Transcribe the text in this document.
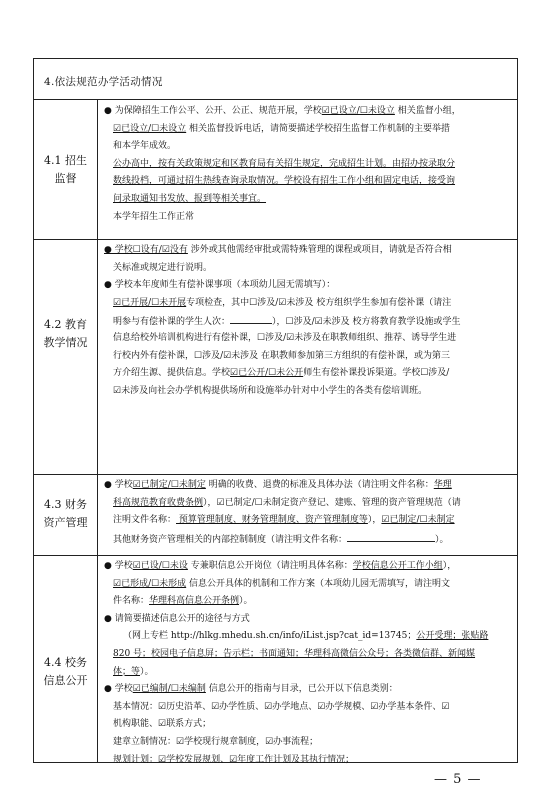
4.依法规范办学活动情况
4.1 招生
监督
4.2 教育
教学情况
4.3 财务
资产管理
4.4 校务
信息公开
● 为保障招生工作公平、公开、公正、规范开展，学校☑已设立/☐未设立 相关监督小组，
☑已设立/☐未设立 相关监督投诉电话，请简要描述学校招生监督工作机制的主要举措
和本学年成效。
公办高中，按有关政策规定和区教育局有关招生规定，完成招生计划。由招办按录取分
数线投档，可通过招生热线查询录取情况。学校设有招生工作小组和固定电话，接受询
问录取通知书发放、报到等相关事宜。
本学年招生工作正常
● 学校☐设有/☑没有 涉外或其他需经审批或需特殊管理的课程或项目，请就是否符合相
关标准或规定进行说明。
● 学校本年度师生有偿补课事项（本项幼儿园无需填写）：
☑已开展/☐未开展专项检查，其中☐涉及/☑未涉及 校方组织学生参加有偿补课（请注
明参与有偿补课的学生人次：	），☐涉及/☑未涉及 校方将教育教学设施或学生
信息给校外培训机构进行有偿补课，☐涉及/☑未涉及在职教师组织、推荐、诱导学生进
行校内外有偿补课，☐涉及/☑未涉及 在职教师参加第三方组织的有偿补课，或为第三
方介绍生源、提供信息。学校☑已公开/☐未公开师生有偿补课投诉渠道。学校☐涉及/
☑未涉及向社会办学机构提供场所和设施举办针对中小学生的各类有偿培训班。
● 学校☑已制定/☐未制定 明确的收费、退费的标准及具体办法（请注明文件名称：华理
科高规范教育收费条例），☑已制定/☐未制定资产登记、建账、管理的资产管理规范（请
注明文件名称： 预算管理制度、财务管理制度、资产管理制度等），☑已制定/☐未制定
其他财务资产管理相关的内部控制制度（请注明文件名称：	）。
● 学校☑已设/☐未设 专兼职信息公开岗位（请注明具体名称：学校信息公开工作小组），
☑已形成/☐未形成 信息公开具体的机制和工作方案（本项幼儿园无需填写，请注明文
件名称：华理科高信息公开条例）。
● 请简要描述信息公开的途径与方式
（网上专栏 http://hlkg.mhedu.sh.cn/info/iList.jsp?cat_id=13745；公开受理；张贴路
820 号；校园电子信息屏；告示栏；书面通知；华理科高微信公众号；各类微信群、新闻媒
体；等）。
● 学校☑已编制/☐未编制 信息公开的指南与目录，已公开以下信息类别：
基本情况：☑历史沿革、☑办学性质、☑办学地点、☑办学规模、☑办学基本条件、☑
机构职能、☑联系方式；
建章立制情况：☑学校现行规章制度，☑办事流程；
规划计划：☑学校发展规划、☑年度工作计划及其执行情况；
— 5 —
